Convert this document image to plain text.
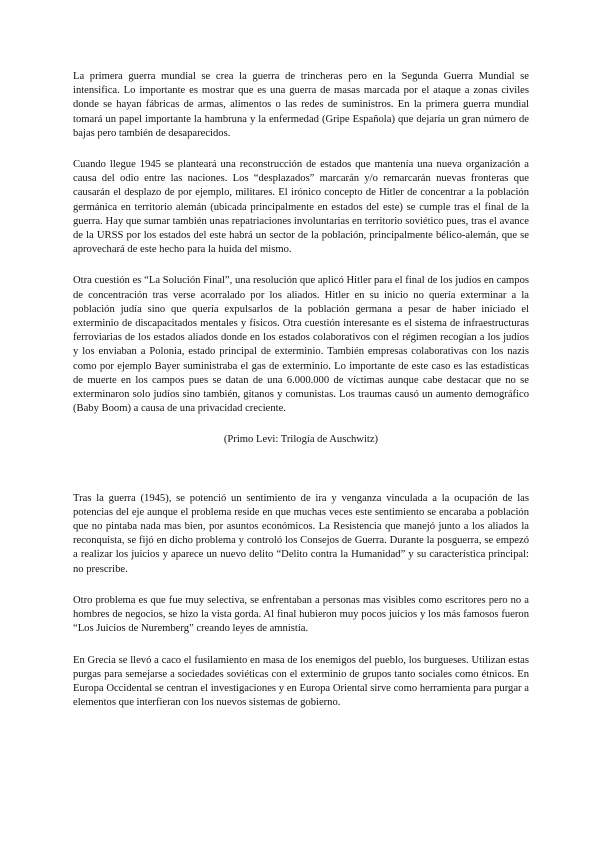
La primera guerra mundial se crea la guerra de trincheras pero en la Segunda Guerra Mundial se intensifica. Lo importante es mostrar que es una guerra de masas marcada por el ataque a zonas civiles donde se hayan fábricas de armas, alimentos o las redes de suministros. En la primera guerra mundial tomará un papel importante la hambruna y la enfermedad (Gripe Española) que dejaría un gran número de bajas pero también de desaparecidos.

Cuando llegue 1945 se planteará una reconstrucción de estados que mantenía una nueva organización a causa del odio entre las naciones. Los “desplazados” marcarán y/o remarcarán nuevas fronteras que causarán el desplazo de por ejemplo, militares. El irónico concepto de Hitler de concentrar a la población germánica en territorio alemán (ubicada principalmente en estados del este) se cumple tras el final de la guerra. Hay que sumar también unas repatriaciones involuntarias en territorio soviético pues, tras el avance de la URSS por los estados del este habrá un sector de la población, principalmente bélico-alemán, que se aprovechará de este hecho para la huida del mismo.

Otra cuestión es “La Solución Final”, una resolución que aplicó Hitler para el final de los judíos en campos de concentración tras verse acorralado por los aliados. Hitler en su inicio no quería exterminar a la población judía sino que quería expulsarlos de la población germana a pesar de haber iniciado el exterminio de discapacitados mentales y físicos. Otra cuestión interesante es el sistema de infraestructuras ferroviarias de los estados aliados donde en los estados colaborativos con el régimen recogían a los judíos y los enviaban a Polonia, estado principal de exterminio. También empresas colaborativas con los nazis como por ejemplo Bayer suministraba el gas de exterminio. Lo importante de este caso es las estadísticas de muerte en los campos pues se datan de una 6.000.000 de víctimas aunque cabe destacar que no se exterminaron solo judíos sino también, gitanos y comunistas. Los traumas causó un aumento demográfico (Baby Boom) a causa de una privacidad creciente.

(Primo Levi: Trilogía de Auschwitz)

Tras la guerra (1945), se potenció un sentimiento de ira y venganza vinculada a la ocupación de las potencias del eje aunque el problema reside en que muchas veces este sentimiento se encaraba a población que no pintaba nada mas bien, por asuntos económicos. La Resistencia que manejó junto a los aliados la reconquista, se fijó en dicho problema y controló los Consejos de Guerra. Durante la posguerra, se empezó a realizar los juicios y aparece un nuevo delito “Delito contra la Humanidad” y su característica principal: no prescribe.

Otro problema es que fue muy selectiva, se enfrentaban a personas mas visibles como escritores pero no a hombres de negocios, se hizo la vista gorda. Al final hubieron muy pocos juicios y los más famosos fueron “Los Juicios de Nuremberg” creando leyes de amnistía.

En Grecia se llevó a caco el fusilamiento en masa de los enemigos del pueblo, los burgueses. Utilizan estas purgas para semejarse a sociedades soviéticas con el exterminio de grupos tanto sociales como étnicos. En Europa Occidental se centran el investigaciones y en Europa Oriental sirve como herramienta para purgar a elementos que interfieran con los nuevos sistemas de gobierno.
